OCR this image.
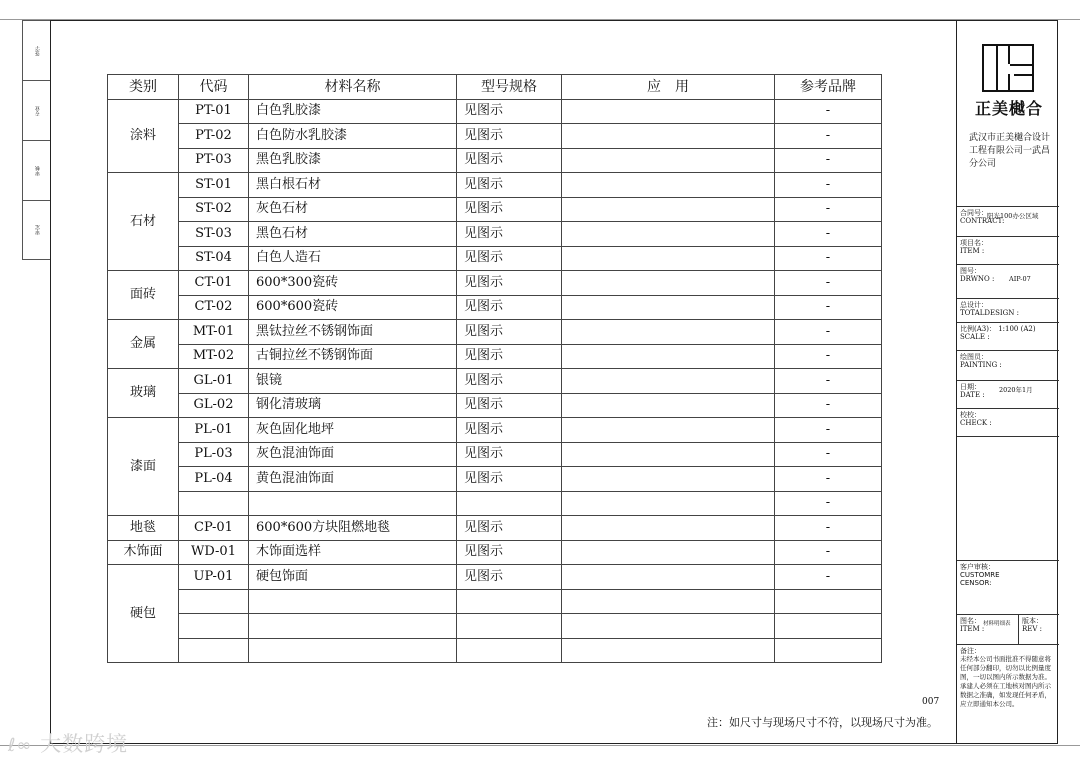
签字
专业
审核
审定
类别	代码	材料名称	型号规格	应　用	参考品牌
涂料	PT-01	白色乳胶漆	见图示		-
	PT-02	白色防水乳胶漆	见图示		-
	PT-03	黑色乳胶漆	见图示		-
石材	ST-01	黑白根石材	见图示		-
	ST-02	灰色石材	见图示		-
	ST-03	黑色石材	见图示		-
	ST-04	白色人造石	见图示		-
面砖	CT-01	600*300瓷砖	见图示		-
	CT-02	600*600瓷砖	见图示		-
金属	MT-01	黑钛拉丝不锈钢饰面	见图示		-
	MT-02	古铜拉丝不锈钢饰面	见图示		-
玻璃	GL-01	银镜	见图示		-
	GL-02	钢化清玻璃	见图示		-
漆面	PL-01	灰色固化地坪	见图示		-
	PL-03	灰色混油饰面	见图示		-
	PL-04	黄色混油饰面	见图示		-
					-
地毯	CP-01	600*600方块阻燃地毯	见图示		-
木饰面	WD-01	木饰面选样	见图示		-
硬包	UP-01	硬包饰面	见图示		-

007
注：如尺寸与现场尺寸不符，以现场尺寸为准。
正美樾合
武汉市正美樾合设计工程有限公司一武昌分公司
合同号：
CONTRACT:
阳光100办公区域
项目名：
ITEM :
图号：
DRWNO :	AIP-07
总设计：
TOTALDESIGN :
比例(A3)： 1:100 (A2)
SCALE :
绘图员：
PAINTING :
日期：
DATE :
2020年1月
校校：
CHECK :
客户审核：
CUSTOMRE
CENSOR:
图名：
ITEM :
材料明细表 版本：
REV :
备注：
未经本公司书面批准不得随意将任何部分翻印，切勿以比例量度图，一切以图内所示数据为准。承建人必须在工地核对图内所示数据之准确，如发现任何矛盾，应立即通知本公司。
ℓ∞ 大数跨境
